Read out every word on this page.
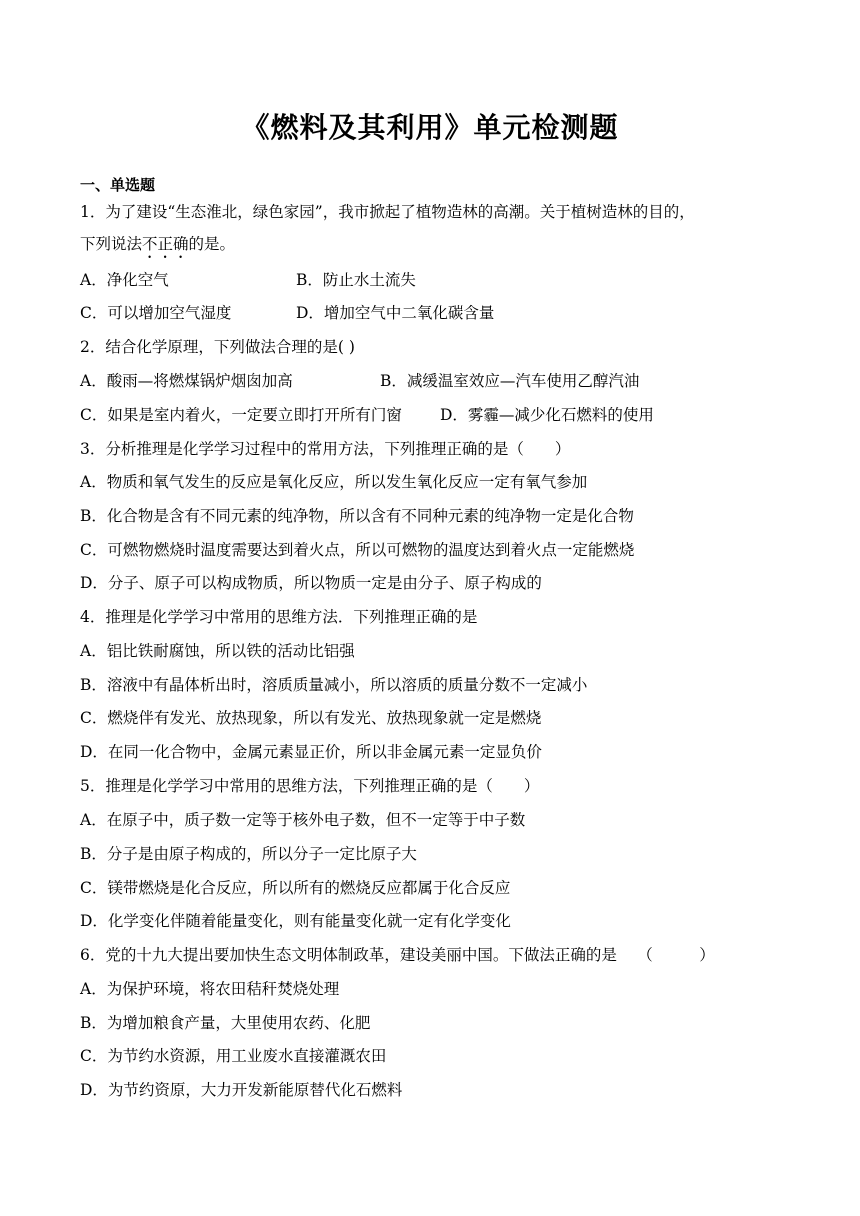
《燃料及其利用》单元检测题
一、单选题
1．为了建设“生态淮北，绿色家园”，我市掀起了植物造林的高潮。关于植树造林的目的，
下列说法不正确的是。
A．净化空气	B．防止水土流失
C．可以增加空气湿度	D．增加空气中二氧化碳含量
2．结合化学原理，下列做法合理的是( )
A．酸雨—将燃煤锅炉烟囱加高	B．减缓温室效应—汽车使用乙醇汽油
C．如果是室内着火，一定要立即打开所有门窗 D．雾霾—减少化石燃料的使用
3．分析推理是化学学习过程中的常用方法，下列推理正确的是（　　）
A．物质和氧气发生的反应是氧化反应，所以发生氧化反应一定有氧气参加
B．化合物是含有不同元素的纯净物，所以含有不同种元素的纯净物一定是化合物
C．可燃物燃烧时温度需要达到着火点，所以可燃物的温度达到着火点一定能燃烧
D．分子、原子可以构成物质，所以物质一定是由分子、原子构成的
4．推理是化学学习中常用的思维方法．下列推理正确的是
A．铝比铁耐腐蚀，所以铁的活动比铝强
B．溶液中有晶体析出时，溶质质量减小，所以溶质的质量分数不一定减小
C．燃烧伴有发光、放热现象，所以有发光、放热现象就一定是燃烧
D．在同一化合物中，金属元素显正价，所以非金属元素一定显负价
5．推理是化学学习中常用的思维方法，下列推理正确的是（　　）
A．在原子中，质子数一定等于核外电子数，但不一定等于中子数
B．分子是由原子构成的，所以分子一定比原子大
C．镁带燃烧是化合反应，所以所有的燃烧反应都属于化合反应
D．化学变化伴随着能量变化，则有能量变化就一定有化学变化
6．党的十九大提出要加快生态文明体制政革，建设美丽中国。下做法正确的是　 （　　　）
A．为保护环境，将农田秸秆焚烧处理
B．为增加粮食产量，大里使用农药、化肥
C．为节约水资源，用工业废水直接灌溉农田
D．为节约资原，大力开发新能原替代化石燃料
